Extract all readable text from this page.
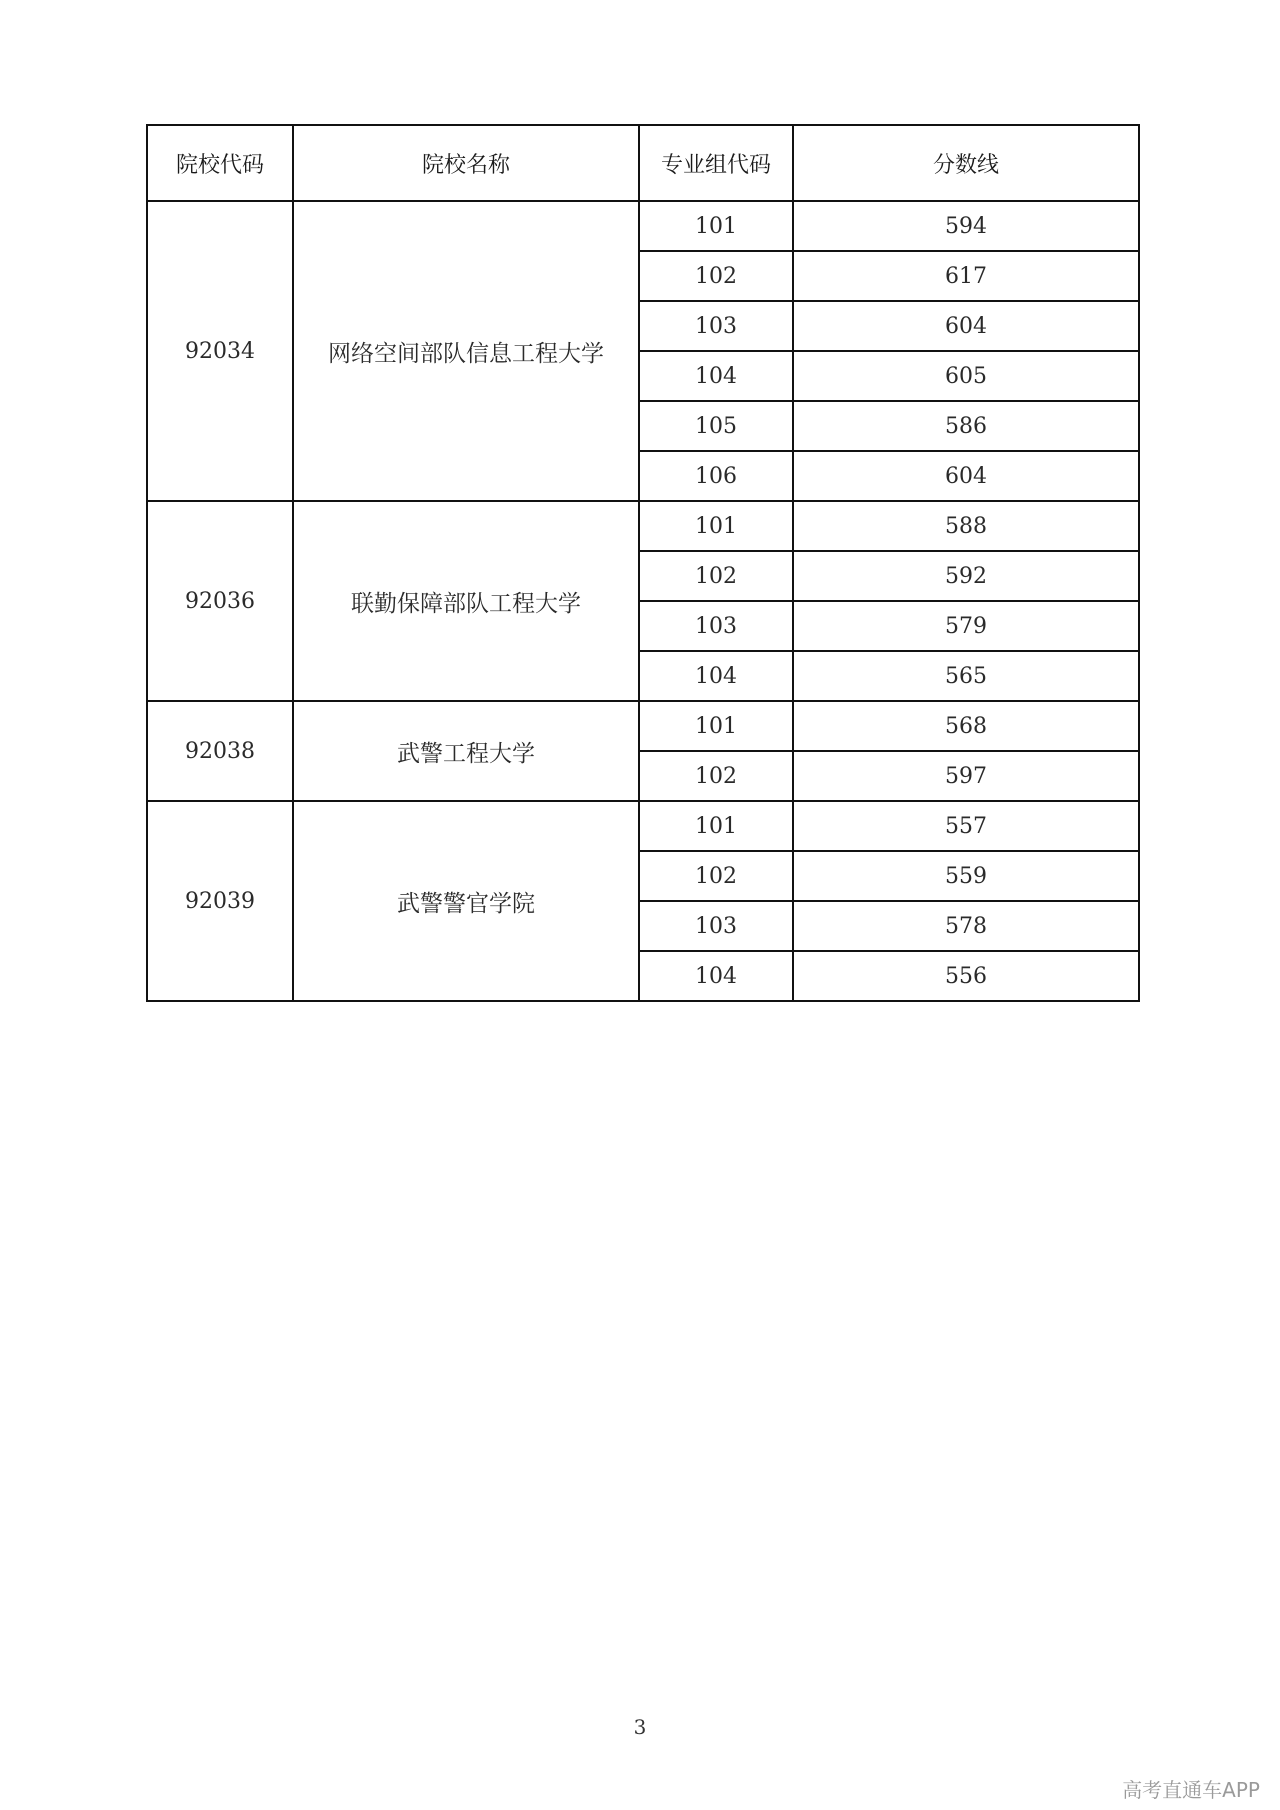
院校代码	院校名称	专业组代码	分数线
92034	网络空间部队信息工程大学	101	594
		102	617
		103	604
		104	605
		105	586
		106	604
92036	联勤保障部队工程大学	101	588
		102	592
		103	579
		104	565
92038	武警工程大学	101	568
		102	597
92039	武警警官学院	101	557
		102	559
		103	578
		104	556
3
高考直通车APP
